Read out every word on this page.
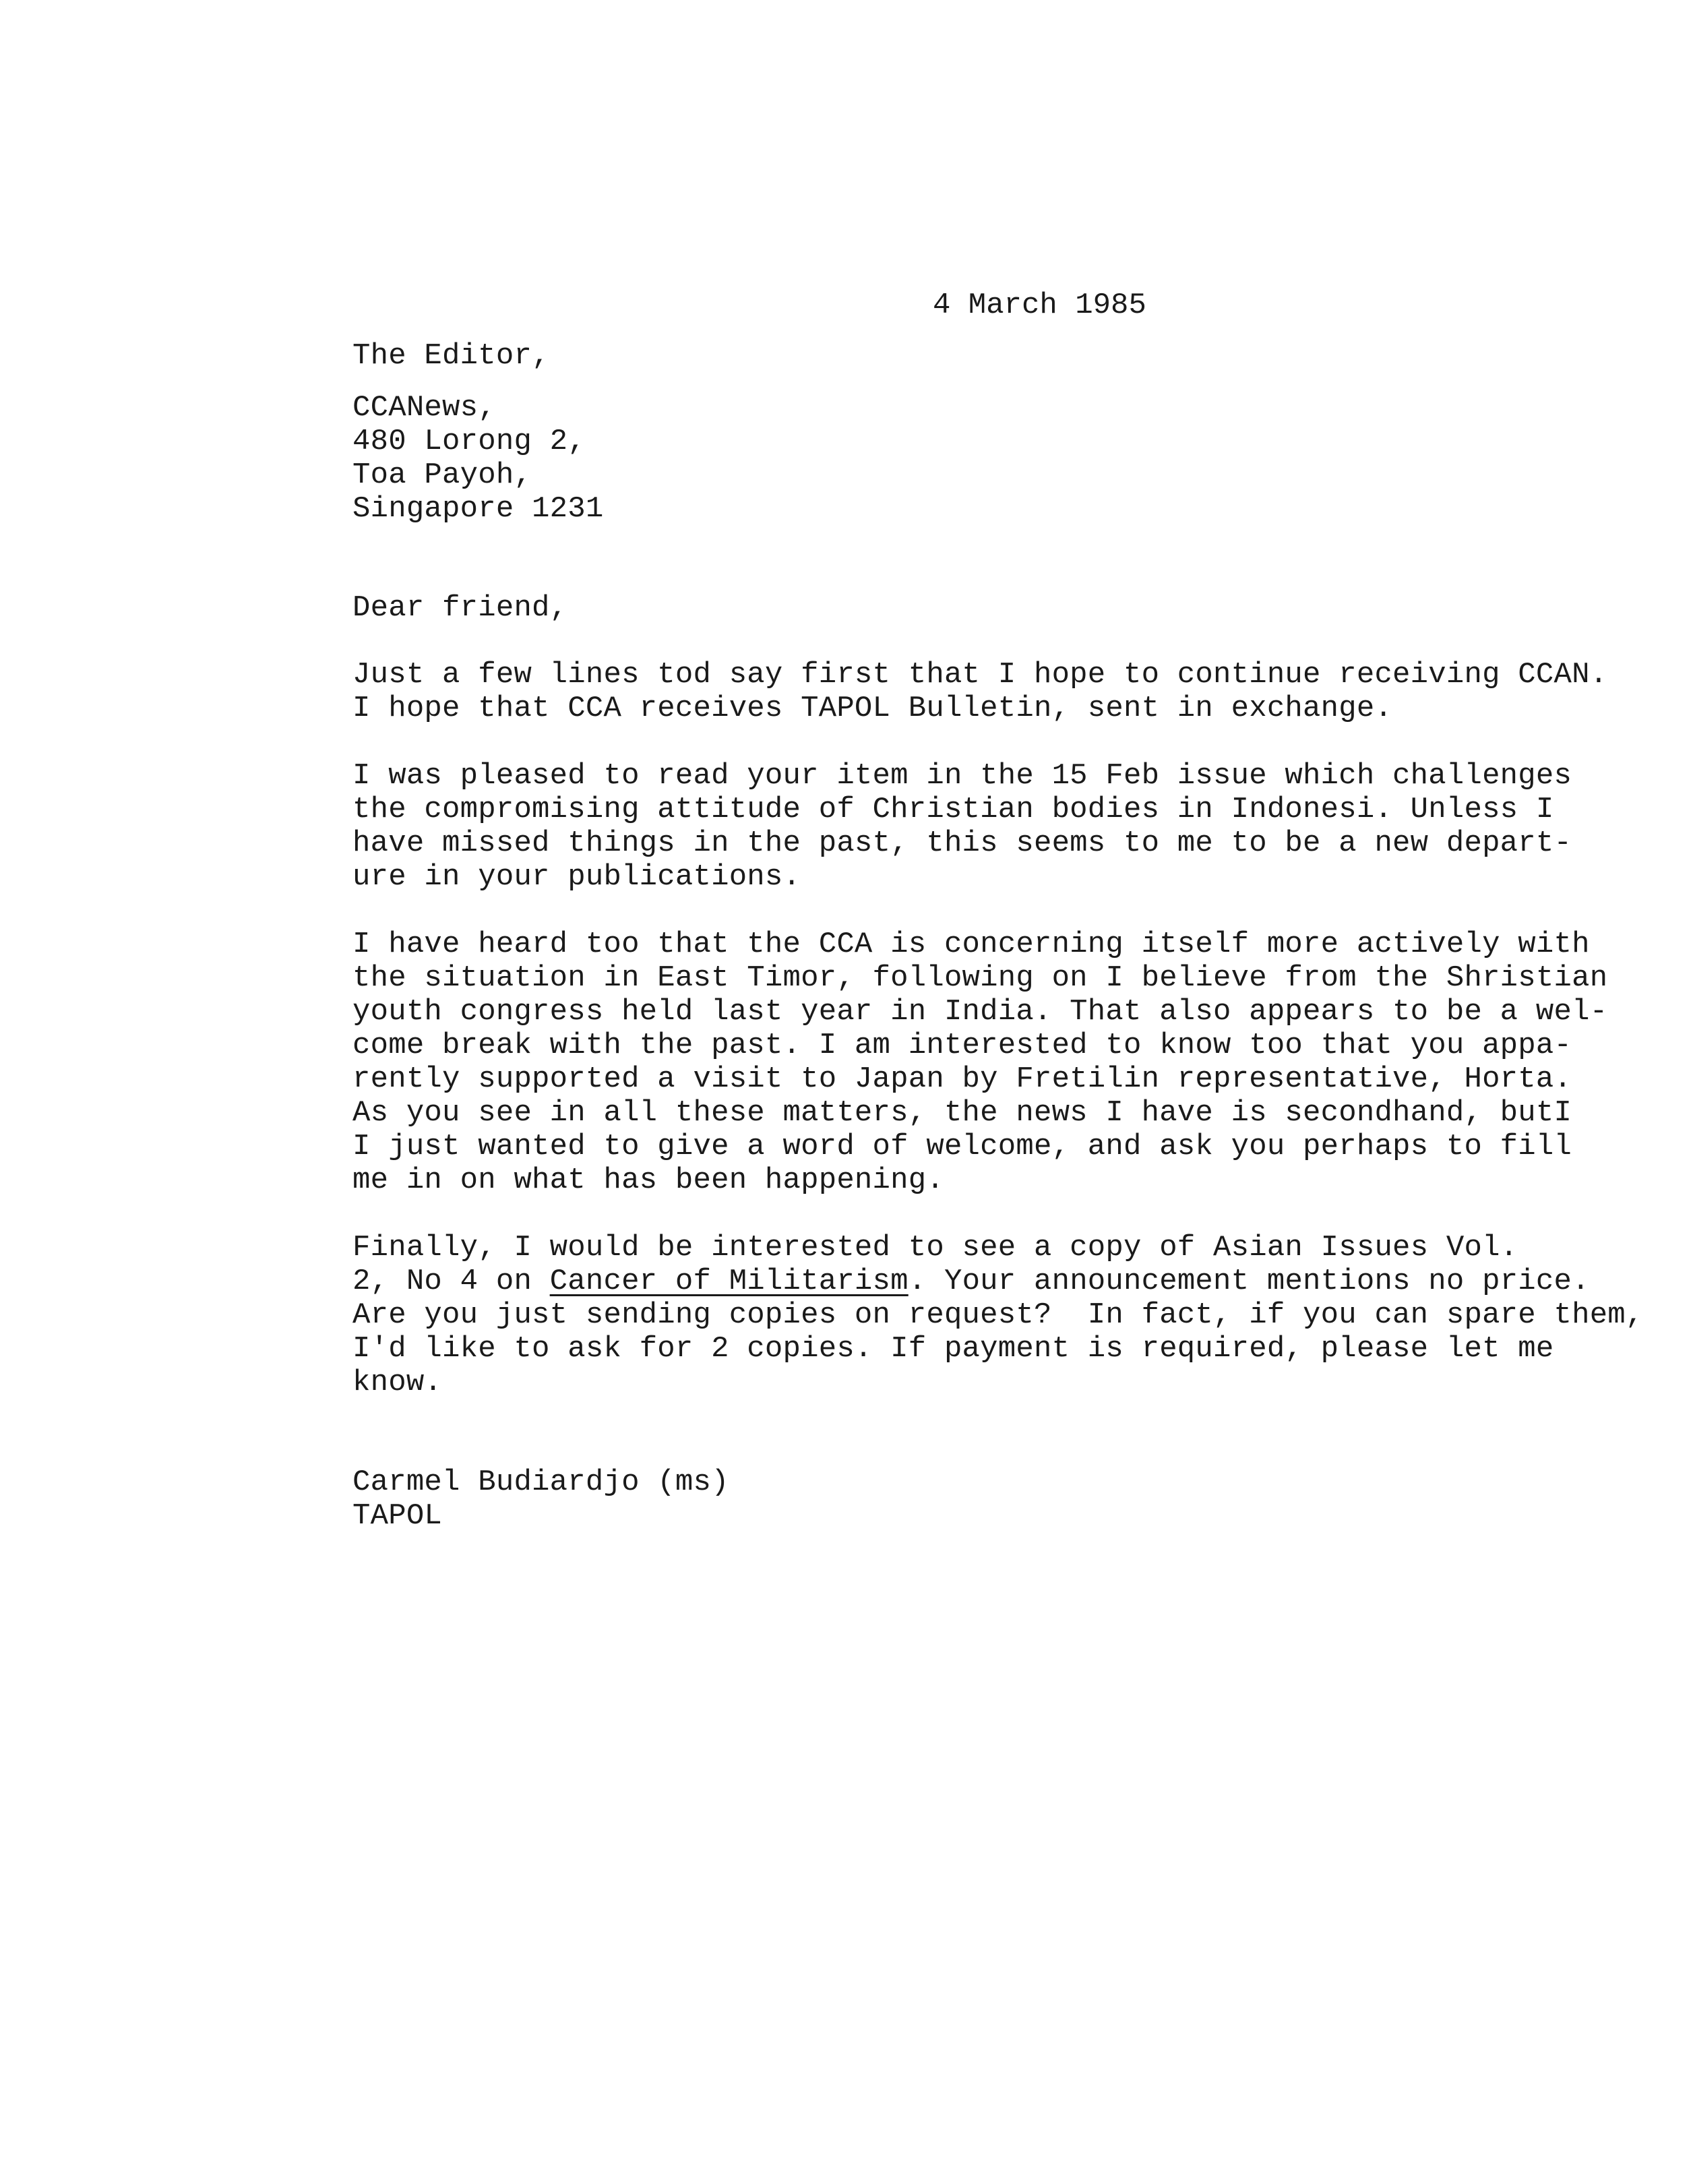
4 March 1985
The Editor,
CCANews,
480 Lorong 2,
Toa Payoh,
Singapore 1231
Dear friend,
Just a few lines tod say first that I hope to continue receiving CCAN.
I hope that CCA receives TAPOL Bulletin, sent in exchange.
I was pleased to read your item in the 15 Feb issue which challenges
the compromising attitude of Christian bodies in Indonesi. Unless I
have missed things in the past, this seems to me to be a new depart-
ure in your publications.
I have heard too that the CCA is concerning itself more actively with
the situation in East Timor, following on I believe from the Shristian
youth congress held last year in India. That also appears to be a wel-
come break with the past. I am interested to know too that you appa-
rently supported a visit to Japan by Fretilin representative, Horta.
As you see in all these matters, the news I have is secondhand, butI
I just wanted to give a word of welcome, and ask you perhaps to fill
me in on what has been happening.
Finally, I would be interested to see a copy of Asian Issues Vol.
2, No 4 on Cancer of Militarism. Your announcement mentions no price.
Are you just sending copies on request?  In fact, if you can spare them,
I'd like to ask for 2 copies. If payment is required, please let me
know.
Carmel Budiardjo (ms)
TAPOL
